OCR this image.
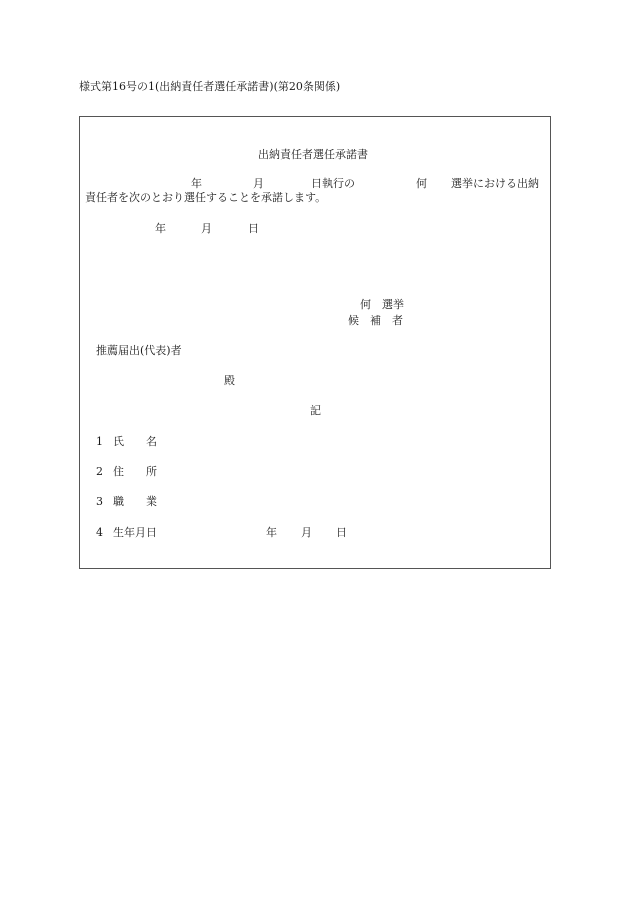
様式第16号の1(出納責任者選任承諾書)(第20条関係)
出納責任者選任承諾書
年	月	日執行の	何 選挙における出納
責任者を次のとおり選任することを承諾します。
年	月	日
何　選挙
候　補　者
推薦届出(代表)者
殿
記
1 氏　　名
2 住　　所
3 職　　業
4 生年月日	年 月 日
